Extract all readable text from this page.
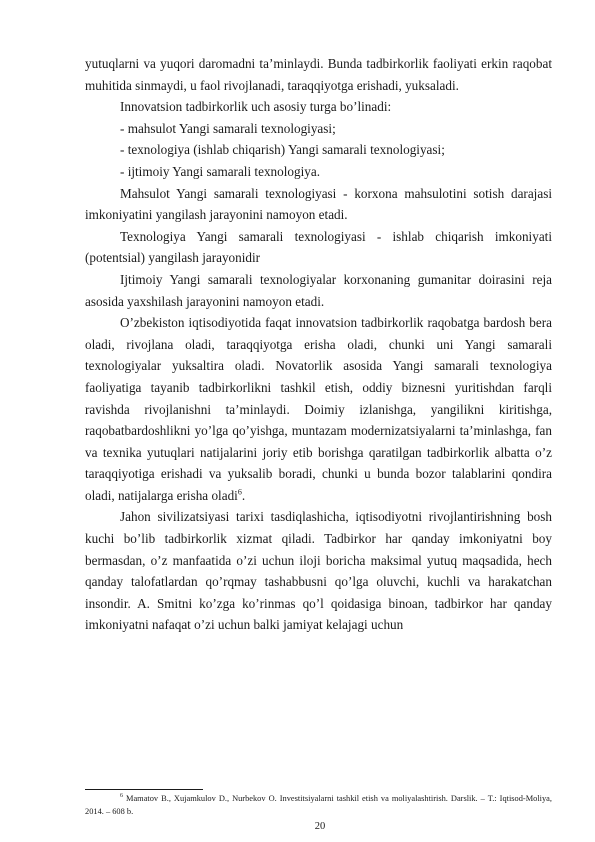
yutuqlarni va yuqori daromadni ta’minlaydi. Bunda tadbirkorlik faoliyati erkin raqobat muhitida sinmaydi, u faol rivojlanadi, taraqqiyotga erishadi, yuksaladi.

Innovatsion tadbirkorlik uch asosiy turga bo’linadi:

- mahsulot Yangi samarali texnologiyasi;

- texnologiya (ishlab chiqarish) Yangi samarali texnologiyasi;

- ijtimoiy Yangi samarali texnologiya.

Mahsulot Yangi samarali texnologiyasi - korxona mahsulotini sotish darajasi imkoniyatini yangilash jarayonini namoyon etadi.

Texnologiya Yangi samarali texnologiyasi - ishlab chiqarish imkoniyati (potentsial) yangilash jarayonidir

Ijtimoiy Yangi samarali texnologiyalar korxonaning gumanitar doirasini reja asosida yaxshilash jarayonini namoyon etadi.

O’zbekiston iqtisodiyotida faqat innovatsion tadbirkorlik raqobatga bardosh bera oladi, rivojlana oladi, taraqqiyotga erisha oladi, chunki uni Yangi samarali texnologiyalar yuksaltira oladi. Novatorlik asosida Yangi samarali texnologiya faoliyatiga tayanib tadbirkorlikni tashkil etish, oddiy biznesni yuritishdan farqli ravishda rivojlanishni ta’minlaydi. Doimiy izlanishga, yangilikni kiritishga, raqobatbardoshlikni yo’lga qo’yishga, muntazam modernizatsiyalarni ta’minlashga, fan va texnika yutuqlari natijalarini joriy etib borishga qaratilgan tadbirkorlik albatta o’z taraqqiyotiga erishadi va yuksalib boradi, chunki u bunda bozor talablarini qondira oladi, natijalarga erisha oladi$^6$.

Jahon sivilizatsiyasi tarixi tasdiqlashicha, iqtisodiyotni rivojlantirishning bosh kuchi bo’lib tadbirkorlik xizmat qiladi. Tadbirkor har qanday imkoniyatni boy bermasdan, o’z manfaatida o’zi uchun iloji boricha maksimal yutuq maqsadida, hech qanday talofatlardan qo’rqmay tashabbusni qo’lga oluvchi, kuchli va harakatchan insondir. A. Smitni ko’zga ko’rinmas qo’l qoidasiga binoan, tadbirkor har qanday imkoniyatni nafaqat o’zi uchun balki jamiyat kelajagi uchun

$^6$ Mamatov B., Xujamkulov D., Nurbekov O. Investitsiyalarni tashkil etish va moliyalashtirish. Darslik. – T.: Iqtisod-Moliya, 2014. – 608 b.
20
